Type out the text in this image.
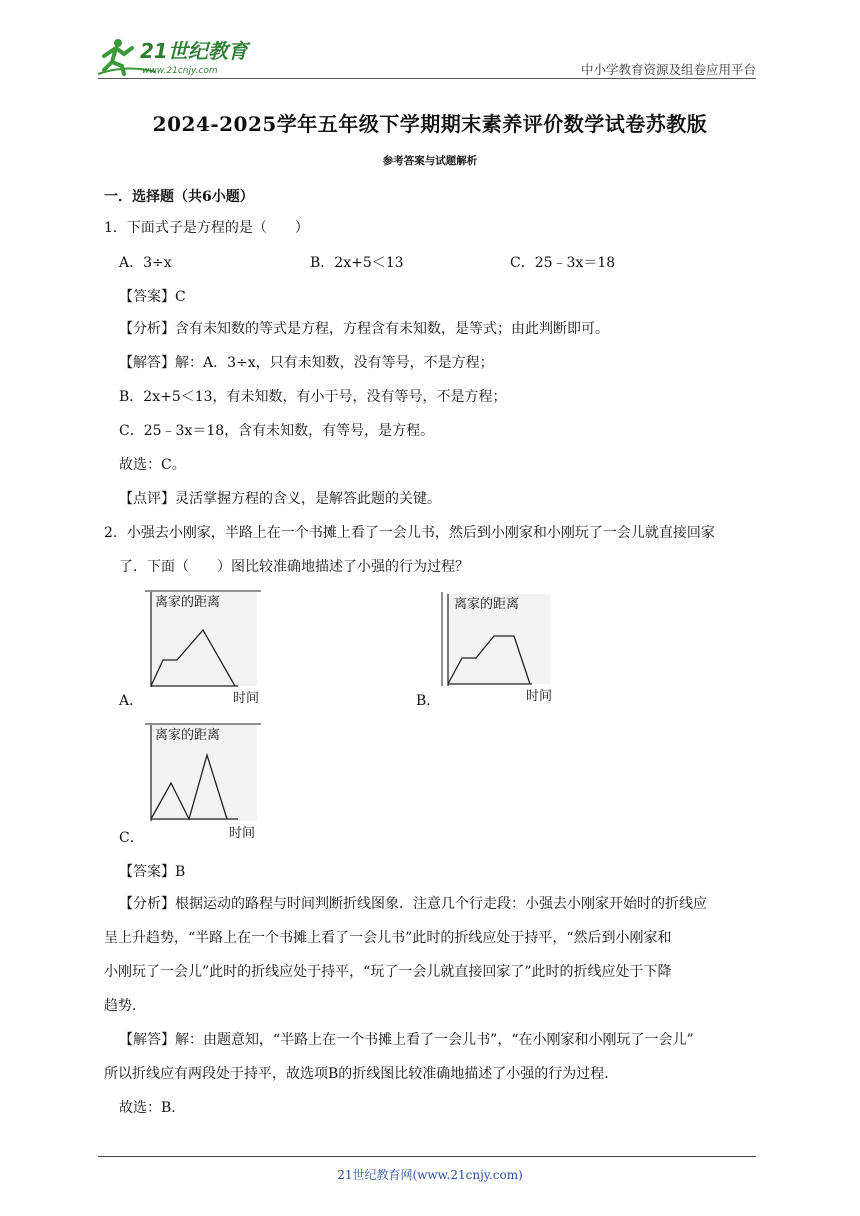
21世纪教育
www.21cnjy.com	中小学教育资源及组卷应用平台
2024-2025学年五年级下学期期末素养评价数学试卷苏教版
参考答案与试题解析
一．选择题（共6小题）
1．下面式子是方程的是（　　）
A．3÷x	B．2x+5＜13	C．25﹣3x＝18
【答案】C
【分析】含有未知数的等式是方程，方程含有未知数，是等式；由此判断即可。
【解答】解：A．3÷x，只有未知数，没有等号，不是方程；
B．2x+5＜13，有未知数，有小于号，没有等号，不是方程；
C．25﹣3x＝18，含有未知数，有等号，是方程。
故选：C。
【点评】灵活掌握方程的含义，是解答此题的关键。
2．小强去小刚家，半路上在一个书摊上看了一会儿书，然后到小刚家和小刚玩了一会儿就直接回家
了．下面（　　）图比较准确地描述了小强的行为过程？
离家的距离
时间
A．
离家的距离
时间
B．
离家的距离
时间
C．
【答案】B
【分析】根据运动的路程与时间判断折线图象．注意几个行走段：小强去小刚家开始时的折线应
呈上升趋势，“半路上在一个书摊上看了一会儿书”此时的折线应处于持平，“然后到小刚家和
小刚玩了一会儿”此时的折线应处于持平，“玩了一会儿就直接回家了”此时的折线应处于下降
趋势．
【解答】解：由题意知，“半路上在一个书摊上看了一会儿书”，“在小刚家和小刚玩了一会儿”
所以折线应有两段处于持平，故选项B的折线图比较准确地描述了小强的行为过程．
故选：B．
21世纪教育网(www.21cnjy.com)
